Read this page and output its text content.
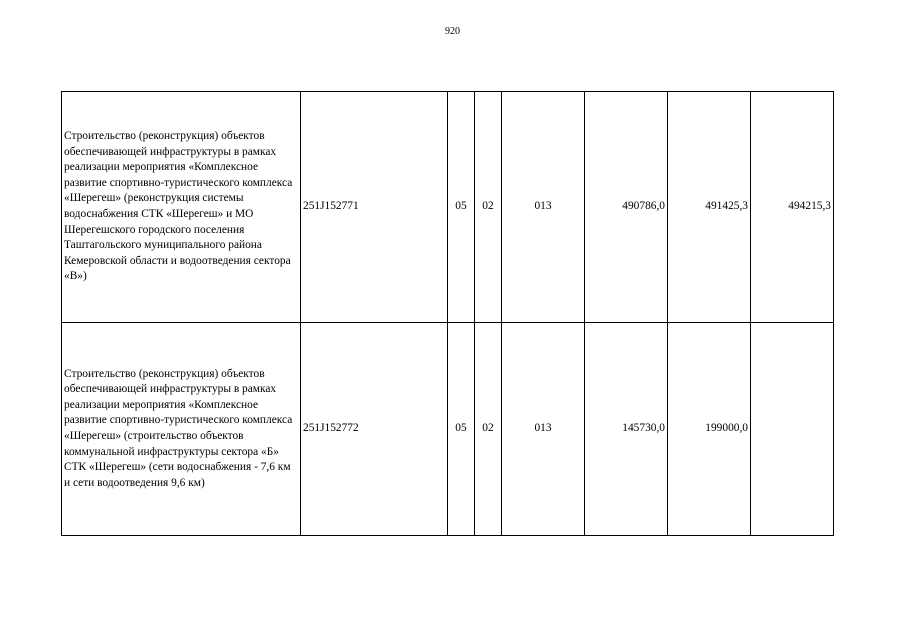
920
Строительство (реконструкция) объектов обеспечивающей инфраструктуры в рамках реализации мероприятия «Комплексное развитие спортивно-туристического комплекса «Шерегеш» (реконструкция системы водоснабжения СТК «Шерегеш» и МО Шерегешского городского поселения Таштагольского муниципального района Кемеровской области и водоотведения сектора «В»)	251J152771	05	02	013	490786,0	491425,3	494215,3
Строительство (реконструкция) объектов обеспечивающей инфраструктуры в рамках реализации мероприятия «Комплексное развитие спортивно-туристического комплекса «Шерегеш» (строительство объектов коммунальной инфраструктуры сектора «Б» СТК «Шерегеш» (сети водоснабжения - 7,6 км и сети водоотведения 9,6 км)	251J152772	05	02	013	145730,0	199000,0	
